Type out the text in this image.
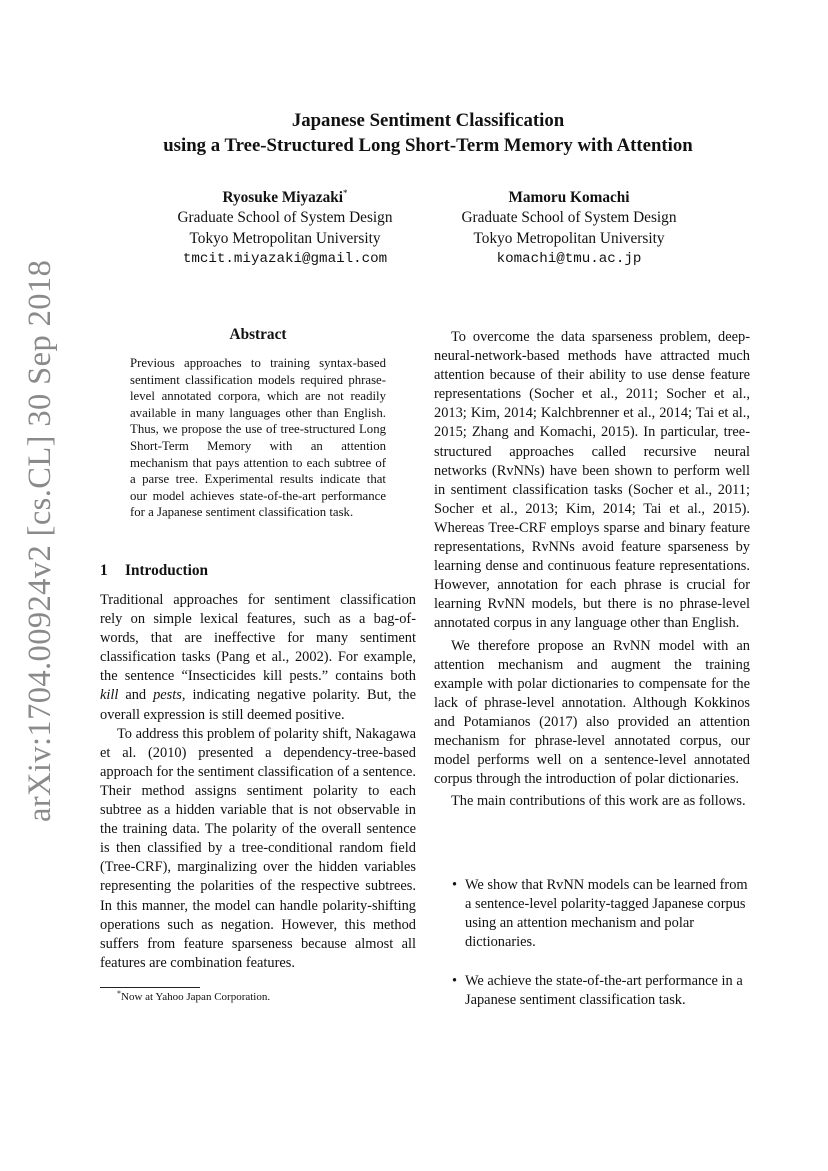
arXiv:1704.00924v2 [cs.CL] 30 Sep 2018
Japanese Sentiment Classification
using a Tree-Structured Long Short-Term Memory with Attention
Ryosuke Miyazaki*
Graduate School of System Design
Tokyo Metropolitan University
tmcit.miyazaki@gmail.com
Mamoru Komachi
Graduate School of System Design
Tokyo Metropolitan University
komachi@tmu.ac.jp
Abstract

Previous approaches to training syntax-based sentiment classification models required phrase-level annotated corpora, which are not readily available in many languages other than English. Thus, we propose the use of tree-structured Long Short-Term Memory with an attention mechanism that pays attention to each subtree of a parse tree. Experimental results indicate that our model achieves state-of-the-art performance for a Japanese sentiment classification task.

1 Introduction

Traditional approaches for sentiment classification rely on simple lexical features, such as a bag-of-words, that are ineffective for many sentiment classification tasks (Pang et al., 2002). For example, the sentence “Insecticides kill pests.” contains both kill and pests, indicating negative polarity. But, the overall expression is still deemed positive.

To address this problem of polarity shift, Nakagawa et al. (2010) presented a dependency-tree-based approach for the sentiment classification of a sentence. Their method assigns sentiment polarity to each subtree as a hidden variable that is not observable in the training data. The polarity of the overall sentence is then classified by a tree-conditional random field (Tree-CRF), marginalizing over the hidden variables representing the polarities of the respective subtrees. In this manner, the model can handle polarity-shifting operations such as negation. However, this method suffers from feature sparseness because almost all features are combination features.

*Now at Yahoo Japan Corporation.

To overcome the data sparseness problem, deep-neural-network-based methods have attracted much attention because of their ability to use dense feature representations (Socher et al., 2011; Socher et al., 2013; Kim, 2014; Kalchbrenner et al., 2014; Tai et al., 2015; Zhang and Komachi, 2015). In particular, tree-structured approaches called recursive neural networks (RvNNs) have been shown to perform well in sentiment classification tasks (Socher et al., 2011; Socher et al., 2013; Kim, 2014; Tai et al., 2015). Whereas Tree-CRF employs sparse and binary feature representations, RvNNs avoid feature sparseness by learning dense and continuous feature representations. However, annotation for each phrase is crucial for learning RvNN models, but there is no phrase-level annotated corpus in any language other than English.

We therefore propose an RvNN model with an attention mechanism and augment the training example with polar dictionaries to compensate for the lack of phrase-level annotation. Although Kokkinos and Potamianos (2017) also provided an attention mechanism for phrase-level annotated corpus, our model performs well on a sentence-level annotated corpus through the introduction of polar dictionaries.

The main contributions of this work are as follows.

• We show that RvNN models can be learned from a sentence-level polarity-tagged Japanese corpus using an attention mechanism and polar dictionaries.
• We achieve the state-of-the-art performance in a Japanese sentiment classification task.
